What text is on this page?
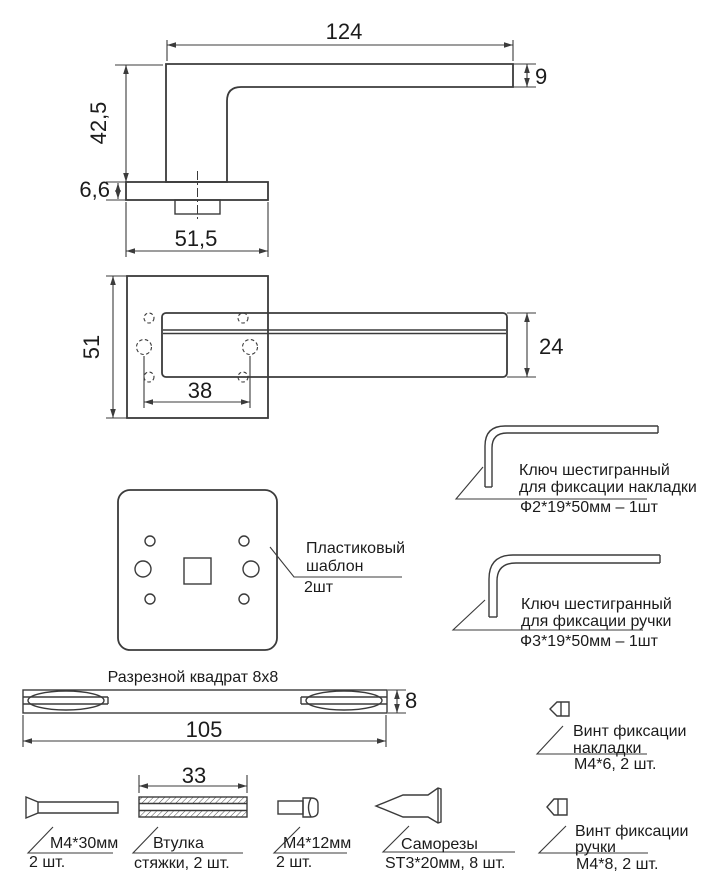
124
9
42,5
6,6
51,5
51	24
38
Пластиковый
шаблон
2шт
Ключ шестигранный
для фиксации накладки
Ф2*19*50мм – 1шт
Ключ шестигранный
для фиксации ручки
Ф3*19*50мм – 1шт
Разрезной квадрат 8x8
8
105	Винт фиксации
накладки
М4*6, 2 шт.
М4*30мм
2 шт.
33
Втулка
стяжки, 2 шт.
М4*12мм
2 шт.
Саморезы
ST3*20мм, 8 шт.
Винт фиксации
ручки
М4*8, 2 шт.
